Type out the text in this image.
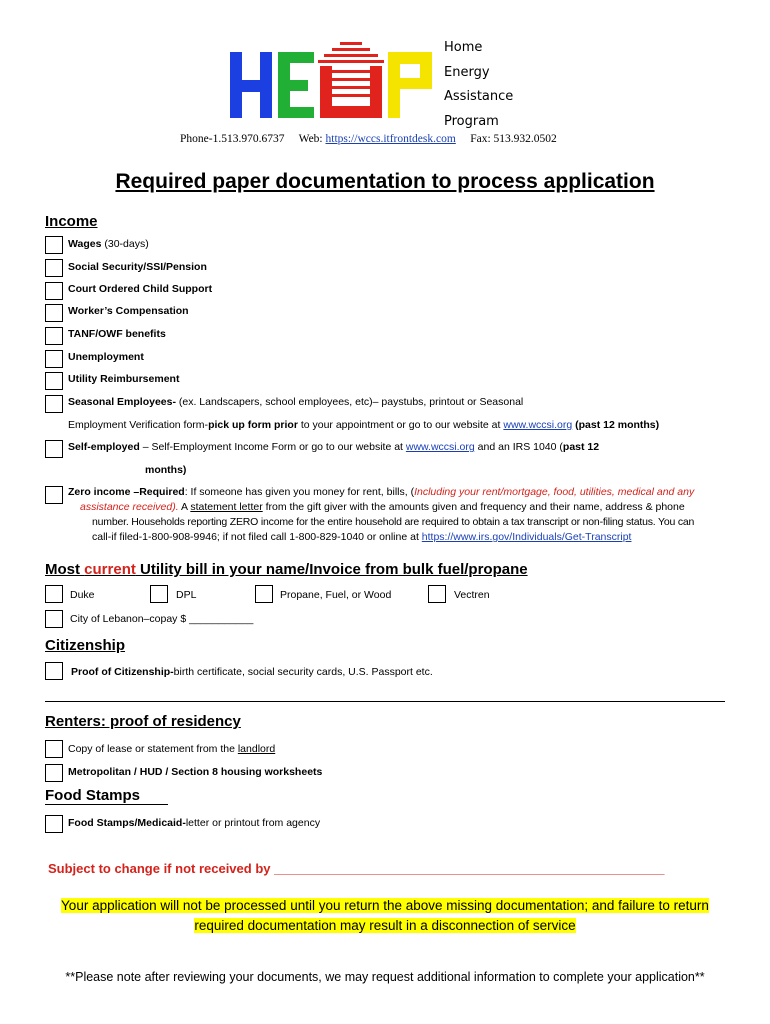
Home
Energy
Assistance
Program
Phone-1.513.970.6737 Web: https://wccs.itfrontdesk.com Fax: 513.932.0502
Required paper documentation to process application
Income
Wages (30-days)
Social Security/SSI/Pension
Court Ordered Child Support
Worker’s Compensation
TANF/OWF benefits
Unemployment
Utility Reimbursement
Seasonal Employees- (ex. Landscapers, school employees, etc)– paystubs, printout or Seasonal
Employment Verification form-pick up form prior to your appointment or go to our website at www.wccsi.org (past 12 months)
Self-employed – Self-Employment Income Form or go to our website at www.wccsi.org and an IRS 1040 (past 12
months)
Zero income –Required: If someone has given you money for rent, bills, (Including your rent/mortgage, food, utilities, medical and any
assistance received). A statement letter from the gift giver with the amounts given and frequency and their name, address & phone
number. Households reporting ZERO income for the entire household are required to obtain a tax transcript or non-filing status. You can
call-if filed-1-800-908-9946; if not filed call 1-800-829-1040 or online at https://www.irs.gov/Individuals/Get-Transcript
Most current Utility bill in your name/Invoice from bulk fuel/propane
Duke	DPL	Propane, Fuel, or Wood	Vectren
City of Lebanon–copay $ ___________
Citizenship
Proof of Citizenship-birth certificate, social security cards, U.S. Passport etc.
Renters: proof of residency
Copy of lease or statement from the landlord
Metropolitan / HUD / Section 8 housing worksheets
Food Stamps
Food Stamps/Medicaid-letter or printout from agency
Subject to change if not received by ______________________________________________________
Your application will not be processed until you return the above missing documentation; and failure to return
required documentation may result in a disconnection of service
**Please note after reviewing your documents, we may request additional information to complete your application**
